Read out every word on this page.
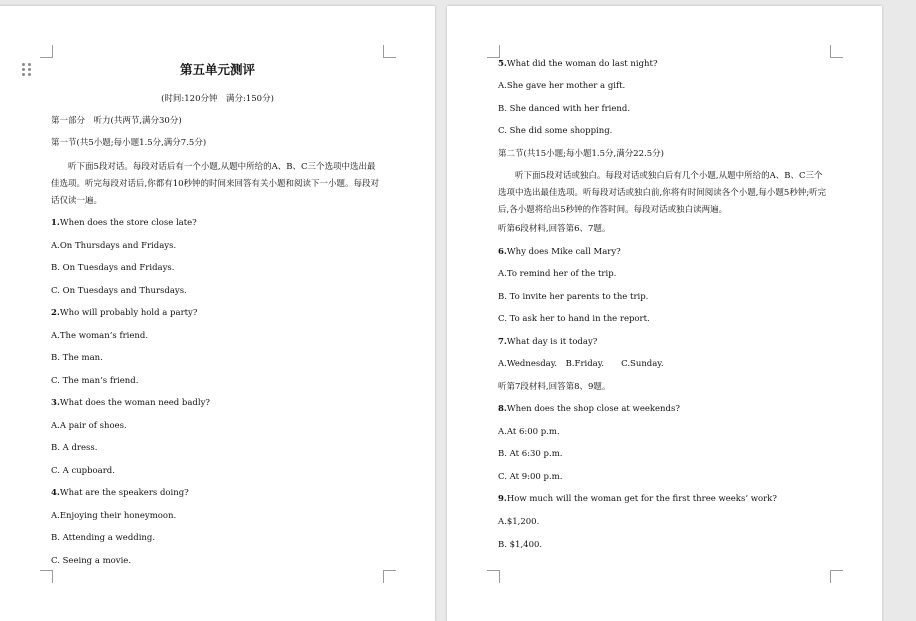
第五单元测评
(时间:120分钟　满分:150分)
第一部分　听力(共两节,满分30分)
第一节(共5小题;每小题1.5分,满分7.5分)
听下面5段对话。每段对话后有一个小题,从题中所给的A、B、C三个选项中选出最佳选项。听完每段对话后,你都有10秒钟的时间来回答有关小题和阅读下一小题。每段对话仅读一遍。
1.When does the store close late?
A.On Thursdays and Fridays.
B. On Tuesdays and Fridays.
C. On Tuesdays and Thursdays.
2.Who will probably hold a party?
A.The woman’s friend.
B. The man.
C. The man’s friend.
3.What does the woman need badly?
A.A pair of shoes.
B. A dress.
C. A cupboard.
4.What are the speakers doing?
A.Enjoying their honeymoon.
B. Attending a wedding.
C. Seeing a movie.
5.What did the woman do last night?
A.She gave her mother a gift.
B. She danced with her friend.
C. She did some shopping.
第二节(共15小题;每小题1.5分,满分22.5分)
听下面5段对话或独白。每段对话或独白后有几个小题,从题中所给的A、B、C三个选项中选出最佳选项。听每段对话或独白前,你将有时间阅读各个小题,每小题5秒钟;听完后,各小题将给出5秒钟的作答时间。每段对话或独白读两遍。
听第6段材料,回答第6、7题。
6.Why does Mike call Mary?
A.To remind her of the trip.
B. To invite her parents to the trip.
C. To ask her to hand in the report.
7.What day is it today?
A.Wednesday.　B.Friday.　　C.Sunday.
听第7段材料,回答第8、9题。
8.When does the shop close at weekends?
A.At 6:00 p.m.
B. At 6:30 p.m.
C. At 9:00 p.m.
9.How much will the woman get for the first three weeks’ work?
A.$1,200.
B. $1,400.
